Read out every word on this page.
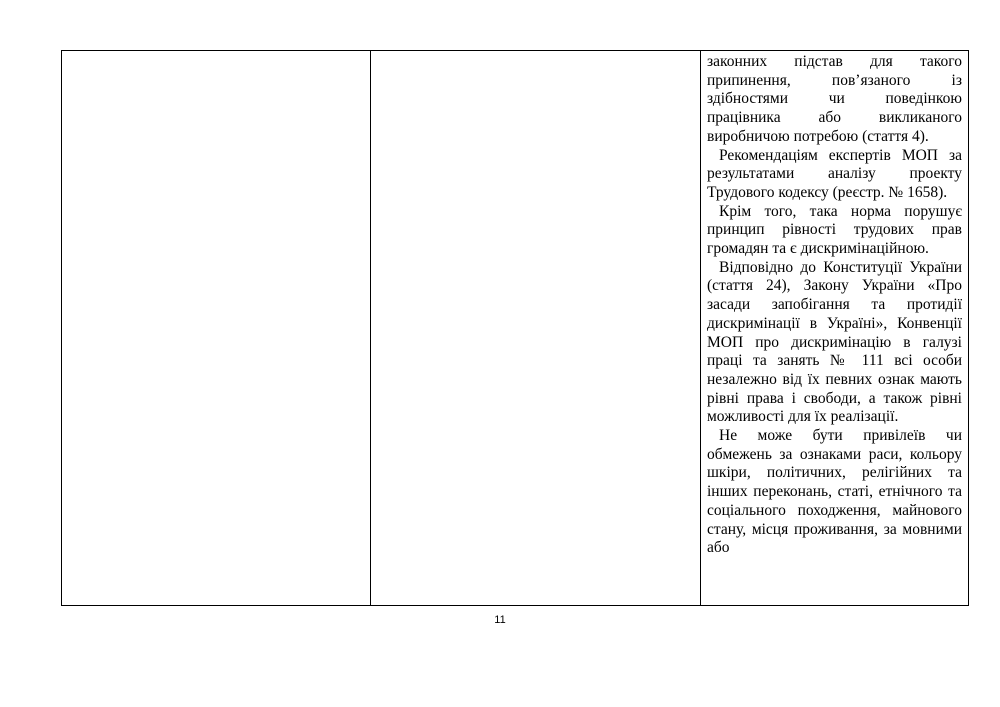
законних підстав для такого припинення, пов’язаного із здібностями чи поведінкою працівника або викликаного виробничою потребою (стаття 4).

Рекомендаціям експертів МОП за результатами аналізу проекту Трудового кодексу (реєстр. № 1658).

Крім того, така норма порушує принцип рівності трудових прав громадян та є дискримінаційною.

Відповідно до Конституції України (стаття 24), Закону України «Про засади запобігання та протидії дискримінації в Україні», Конвенції МОП про дискримінацію в галузі праці та занять № 111 всі особи незалежно від їх певних ознак мають рівні права і свободи, а також рівні можливості для їх реалізації.

Не може бути привілеїв чи обмежень за ознаками раси, кольору шкіри, політичних, релігійних та інших переконань, статі, етнічного та соціального походження, майнового стану, місця проживання, за мовними або

11
